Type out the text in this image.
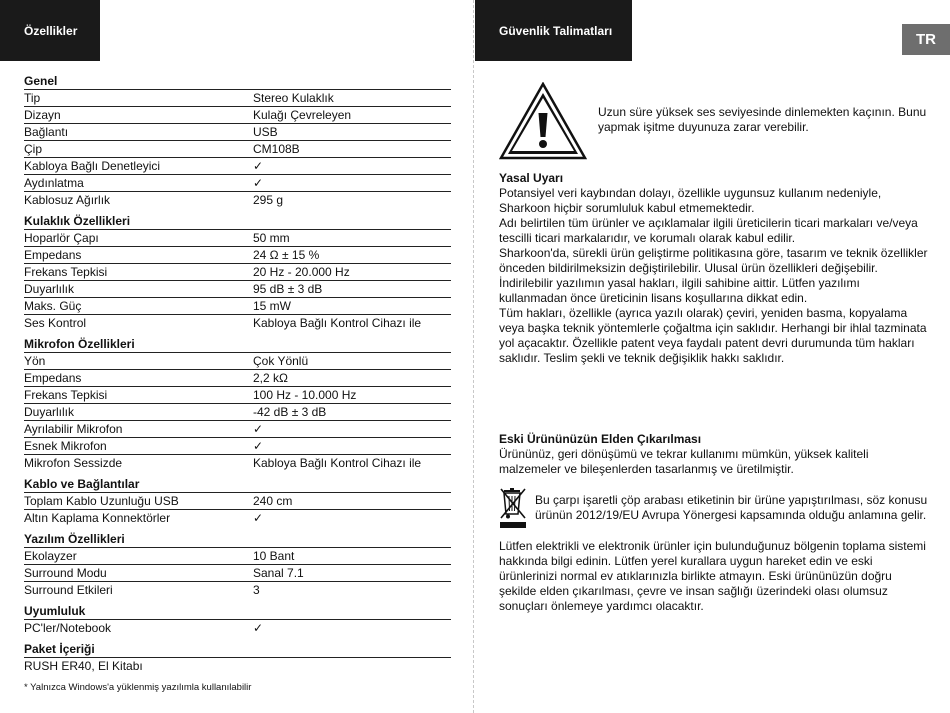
Özellikler	Güvenlik Talimatları
TR
Genel
Tip	Stereo Kulaklık
Dizayn	Kulağı Çevreleyen
Bağlantı	USB
Çip	CM108B
Kabloya Bağlı Denetleyici	✓
Aydınlatma	✓
Kablosuz Ağırlık	295 g
Kulaklık Özellikleri
Hoparlör Çapı	50 mm
Empedans	24 Ω ± 15 %
Frekans Tepkisi	20 Hz - 20.000 Hz
Duyarlılık	95 dB ± 3 dB
Maks. Güç	15 mW
Ses Kontrol	Kabloya Bağlı Kontrol Cihazı ile
Mikrofon Özellikleri
Yön	Çok Yönlü
Empedans	2,2 kΩ
Frekans Tepkisi	100 Hz - 10.000 Hz
Duyarlılık	-42 dB ± 3 dB
Ayrılabilir Mikrofon	✓
Esnek Mikrofon	✓
Mikrofon Sessizde	Kabloya Bağlı Kontrol Cihazı ile
Kablo ve Bağlantılar
Toplam Kablo Uzunluğu USB	240 cm
Altın Kaplama Konnektörler	✓
Yazılım Özellikleri
Ekolayzer	10 Bant
Surround Modu	Sanal 7.1
Surround Etkileri	3
Uyumluluk
PC'ler/Notebook	✓
Paket İçeriği
RUSH ER40, El Kitabı
* Yalnızca Windows'a yüklenmiş yazılımla kullanılabilir

Uzun süre yüksek ses seviyesinde dinlemekten kaçının. Bunu yapmak işitme duyunuza zarar verebilir.

Yasal Uyarı

Potansiyel veri kaybından dolayı, özellikle uygunsuz kullanım nedeniyle, Sharkoon hiçbir sorumluluk kabul etmemektedir.
Adı belirtilen tüm ürünler ve açıklamalar ilgili üreticilerin ticari markaları ve/veya tescilli ticari markalarıdır, ve korumalı olarak kabul edilir.
Sharkoon'da, sürekli ürün geliştirme politikasına göre, tasarım ve teknik özellikler önceden bildirilmeksizin değiştirilebilir. Ulusal ürün özellikleri değişebilir.
İndirilebilir yazılımın yasal hakları, ilgili sahibine aittir. Lütfen yazılımı kullanmadan önce üreticinin lisans koşullarına dikkat edin.
Tüm hakları, özellikle (ayrıca yazılı olarak) çeviri, yeniden basma, kopyalama veya başka teknik yöntemlerle çoğaltma için saklıdır. Herhangi bir ihlal tazminata yol açacaktır. Özellikle patent veya faydalı patent devri durumunda tüm hakları saklıdır. Teslim şekli ve teknik değişiklik hakkı saklıdır.

Eski Ürününüzün Elden Çıkarılması

Ürününüz, geri dönüşümü ve tekrar kullanımı mümkün, yüksek kaliteli malzemeler ve bileşenlerden tasarlanmış ve üretilmiştir.

Bu çarpı işaretli çöp arabası etiketinin bir ürüne yapıştırılması, söz konusu ürünün 2012/19/EU Avrupa Yönergesi kapsamında olduğu anlamına gelir.

Lütfen elektrikli ve elektronik ürünler için bulunduğunuz bölgenin toplama sistemi hakkında bilgi edinin. Lütfen yerel kurallara uygun hareket edin ve eski ürünlerinizi normal ev atıklarınızla birlikte atmayın. Eski ürününüzün doğru şekilde elden çıkarılması, çevre ve insan sağlığı üzerindeki olası olumsuz sonuçları önlemeye yardımcı olacaktır.
